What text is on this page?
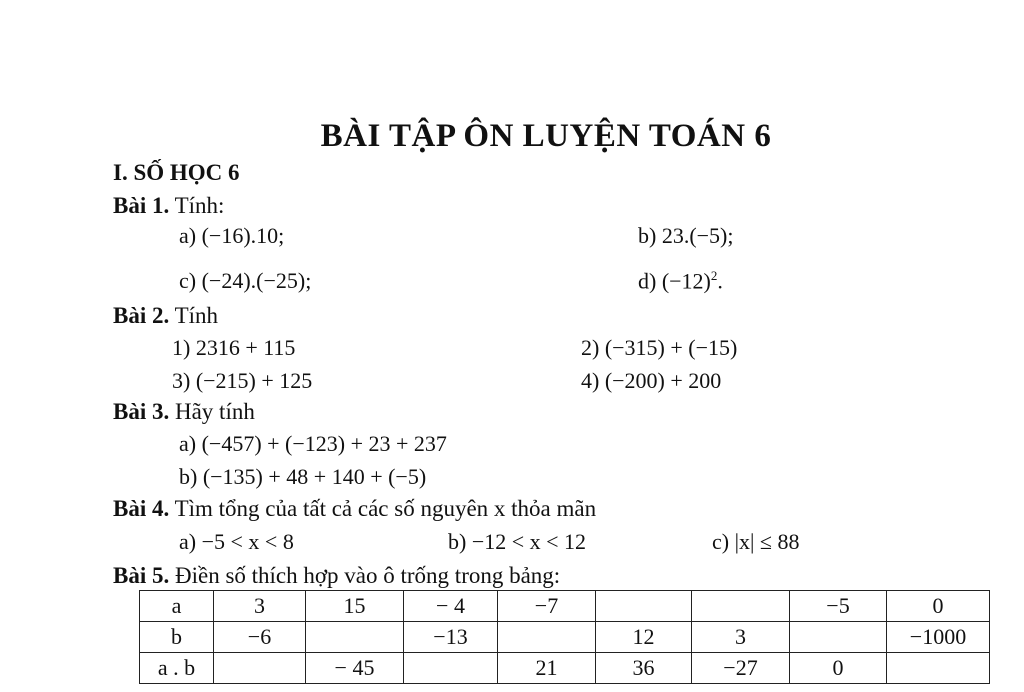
BÀI TẬP ÔN LUYỆN TOÁN 6
I. SỐ HỌC 6
Bài 1. Tính:
a) (−16).10;	b) 23.(−5);
c) (−24).(−25);	d) $(-12)^2$.
Bài 2. Tính
1) 2316 + 115	2) (−315) + (−15)
3) (−215) + 125	4) (−200) + 200
Bài 3. Hãy tính
a) (−457) + (−123) + 23 + 237
b) (−135) + 48 + 140 + (−5)
Bài 4. Tìm tổng của tất cả các số nguyên x thỏa mãn
a) −5 < x < 8	b) −12 < x < 12	c) |x| ≤ 88
Bài 5. Điền số thích hợp vào ô trống trong bảng:
a	3	15	− 4	−7			−5	0
b	−6		−13		12	3		−1000
a . b		− 45		21	36	−27	0	
